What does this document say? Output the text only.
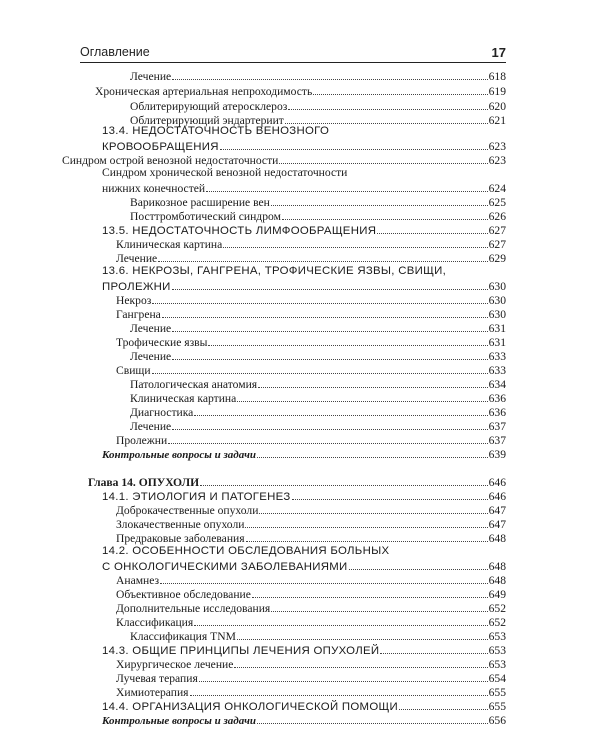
Оглавление	17
Лечение	618
Хроническая артериальная непроходимость	619
Облитерирующий атеросклероз	620
Облитерирующий эндартериит	621
13.4. НЕДОСТАТОЧНОСТЬ ВЕНОЗНОГО
КРОВООБРАЩЕНИЯ	623
Синдром острой венозной недостаточности	623
Синдром хронической венозной недостаточности
нижних конечностей	624
Варикозное расширение вен	625
Посттромботический синдром	626
13.5. НЕДОСТАТОЧНОСТЬ ЛИМФООБРАЩЕНИЯ	627
Клиническая картина	627
Лечение	629
13.6. НЕКРОЗЫ, ГАНГРЕНА, ТРОФИЧЕСКИЕ ЯЗВЫ, СВИЩИ,
ПРОЛЕЖНИ	630
Некроз	630
Гангрена	630
Лечение	631
Трофические язвы	631
Лечение	633
Свищи	633
Патологическая анатомия	634
Клиническая картина	636
Диагностика	636
Лечение	637
Пролежни	637
Контрольные вопросы и задачи	639
Глава 14. ОПУХОЛИ	646
14.1. ЭТИОЛОГИЯ И ПАТОГЕНЕЗ	646
Доброкачественные опухоли	647
Злокачественные опухоли	647
Предраковые заболевания	648
14.2. ОСОБЕННОСТИ ОБСЛЕДОВАНИЯ БОЛЬНЫХ
С ОНКОЛОГИЧЕСКИМИ ЗАБОЛЕВАНИЯМИ	648
Анамнез	648
Объективное обследование	649
Дополнительные исследования	652
Классификация	652
Классификация TNM	653
14.3. ОБЩИЕ ПРИНЦИПЫ ЛЕЧЕНИЯ ОПУХОЛЕЙ	653
Хирургическое лечение	653
Лучевая терапия	654
Химиотерапия	655
14.4. ОРГАНИЗАЦИЯ ОНКОЛОГИЧЕСКОЙ ПОМОЩИ	655
Контрольные вопросы и задачи	656
